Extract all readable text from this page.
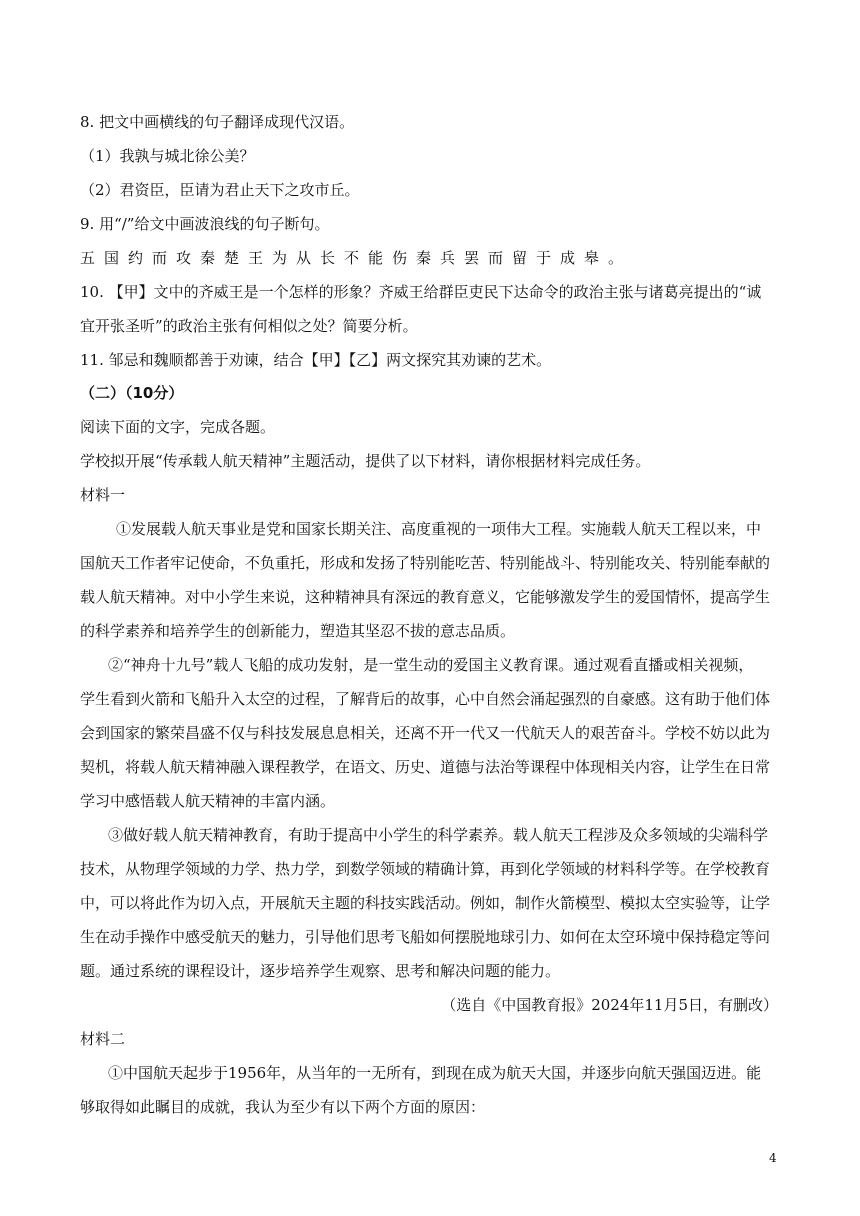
8. 把文中画横线的句子翻译成现代汉语。
（1）我孰与城北徐公美？
（2）君资臣，臣请为君止天下之攻市丘。
9. 用“/”给文中画波浪线的句子断句。
五国约而攻秦楚王为从长不能伤秦兵罢而留于成皋。
10. 【甲】文中的齐威王是一个怎样的形象？齐威王给群臣吏民下达命令的政治主张与诸葛亮提出的“诚
宜开张圣听”的政治主张有何相似之处？简要分析。
11. 邹忌和魏顺都善于劝谏，结合【甲】【乙】两文探究其劝谏的艺术。
（二）（10分）
阅读下面的文字，完成各题。
学校拟开展“传承载人航天精神”主题活动，提供了以下材料，请你根据材料完成任务。
材料一
①发展载人航天事业是党和国家长期关注、高度重视的一项伟大工程。实施载人航天工程以来，中
国航天工作者牢记使命，不负重托，形成和发扬了特别能吃苦、特别能战斗、特别能攻关、特别能奉献的
载人航天精神。对中小学生来说，这种精神具有深远的教育意义，它能够激发学生的爱国情怀，提高学生
的科学素养和培养学生的创新能力，塑造其坚忍不拔的意志品质。
②“神舟十九号”载人飞船的成功发射，是一堂生动的爱国主义教育课。通过观看直播或相关视频，
学生看到火箭和飞船升入太空的过程，了解背后的故事，心中自然会涌起强烈的自豪感。这有助于他们体
会到国家的繁荣昌盛不仅与科技发展息息相关，还离不开一代又一代航天人的艰苦奋斗。学校不妨以此为
契机，将载人航天精神融入课程教学，在语文、历史、道德与法治等课程中体现相关内容，让学生在日常
学习中感悟载人航天精神的丰富内涵。
③做好载人航天精神教育，有助于提高中小学生的科学素养。载人航天工程涉及众多领域的尖端科学
技术，从物理学领域的力学、热力学，到数学领域的精确计算，再到化学领域的材料科学等。在学校教育
中，可以将此作为切入点，开展航天主题的科技实践活动。例如，制作火箭模型、模拟太空实验等，让学
生在动手操作中感受航天的魅力，引导他们思考飞船如何摆脱地球引力、如何在太空环境中保持稳定等问
题。通过系统的课程设计，逐步培养学生观察、思考和解决问题的能力。
（选自《中国教育报》2024年11月5日，有删改）
材料二
①中国航天起步于1956年，从当年的一无所有，到现在成为航天大国，并逐步向航天强国迈进。能
够取得如此瞩目的成就，我认为至少有以下两个方面的原因：
4
